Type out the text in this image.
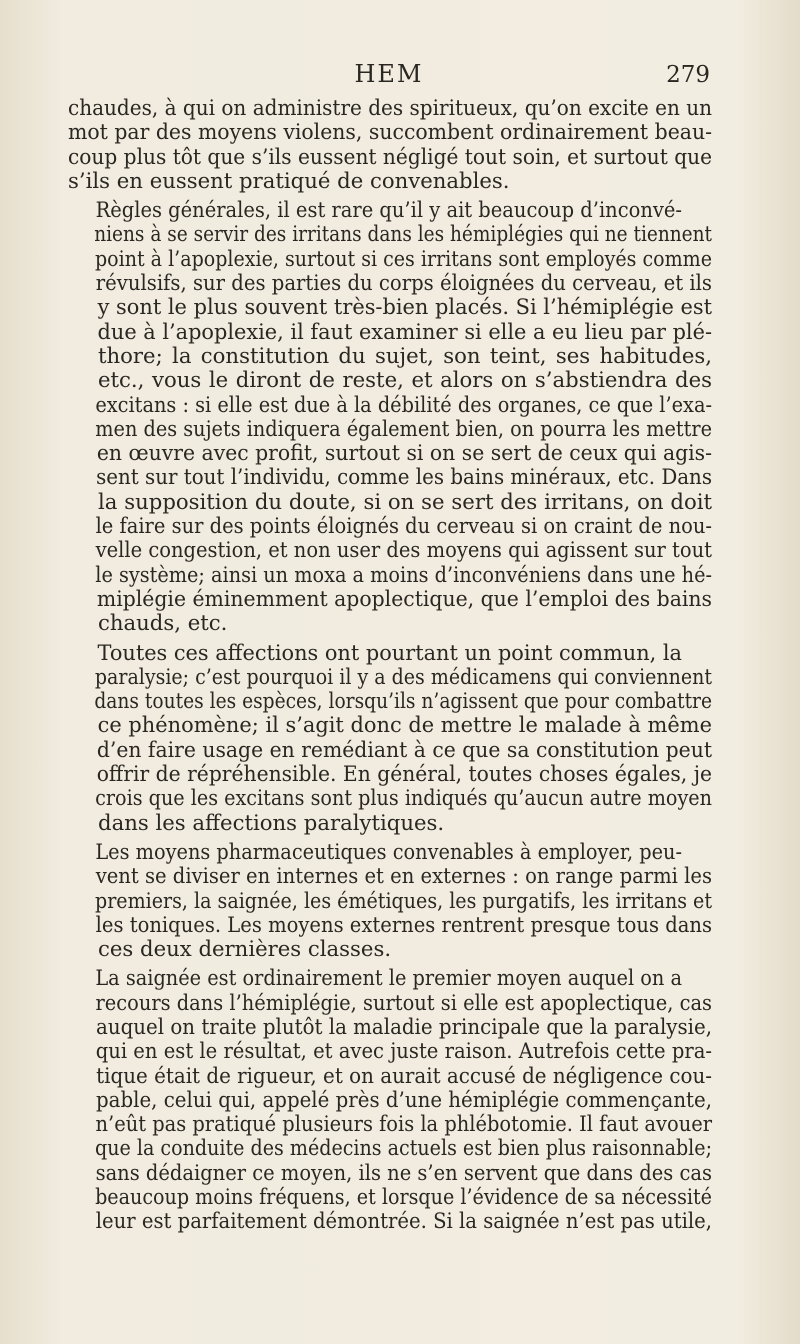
HEM	279

chaudes, à qui on administre des spiritueux, qu’on excite en un
mot par des moyens violens, succombent ordinairement beau-
coup plus tôt que s’ils eussent négligé tout soin, et surtout que
s’ils en eussent pratiqué de convenables.

Règles générales, il est rare qu’il y ait beaucoup d’inconvé-
niens à se servir des irritans dans les hémiplégies qui ne tiennent
point à l’apoplexie, surtout si ces irritans sont employés comme
révulsifs, sur des parties du corps éloignées du cerveau, et ils
y sont le plus souvent très-bien placés. Si l’hémiplégie est
due à l’apoplexie, il faut examiner si elle a eu lieu par plé-
thore; la constitution du sujet, son teint, ses habitudes,
etc., vous le diront de reste, et alors on s’abstiendra des
excitans : si elle est due à la débilité des organes, ce que l’exa-
men des sujets indiquera également bien, on pourra les mettre
en œuvre avec profit, surtout si on se sert de ceux qui agis-
sent sur tout l’individu, comme les bains minéraux, etc. Dans
la supposition du doute, si on se sert des irritans, on doit
le faire sur des points éloignés du cerveau si on craint de nou-
velle congestion, et non user des moyens qui agissent sur tout
le système; ainsi un moxa a moins d’inconvéniens dans une hé-
miplégie éminemment apoplectique, que l’emploi des bains
chauds, etc.

Toutes ces affections ont pourtant un point commun, la
paralysie; c’est pourquoi il y a des médicamens qui conviennent
dans toutes les espèces, lorsqu’ils n’agissent que pour combattre
ce phénomène; il s’agit donc de mettre le malade à même
d’en faire usage en remédiant à ce que sa constitution peut
offrir de répréhensible. En général, toutes choses égales, je
crois que les excitans sont plus indiqués qu’aucun autre moyen
dans les affections paralytiques.

Les moyens pharmaceutiques convenables à employer, peu-
vent se diviser en internes et en externes : on range parmi les
premiers, la saignée, les émétiques, les purgatifs, les irritans et
les toniques. Les moyens externes rentrent presque tous dans
ces deux dernières classes.

La saignée est ordinairement le premier moyen auquel on a
recours dans l’hémiplégie, surtout si elle est apoplectique, cas
auquel on traite plutôt la maladie principale que la paralysie,
qui en est le résultat, et avec juste raison. Autrefois cette pra-
tique était de rigueur, et on aurait accusé de négligence cou-
pable, celui qui, appelé près d’une hémiplégie commençante,
n’eût pas pratiqué plusieurs fois la phlébotomie. Il faut avouer
que la conduite des médecins actuels est bien plus raisonnable;
sans dédaigner ce moyen, ils ne s’en servent que dans des cas
beaucoup moins fréquens, et lorsque l’évidence de sa nécessité
leur est parfaitement démontrée. Si la saignée n’est pas utile,
